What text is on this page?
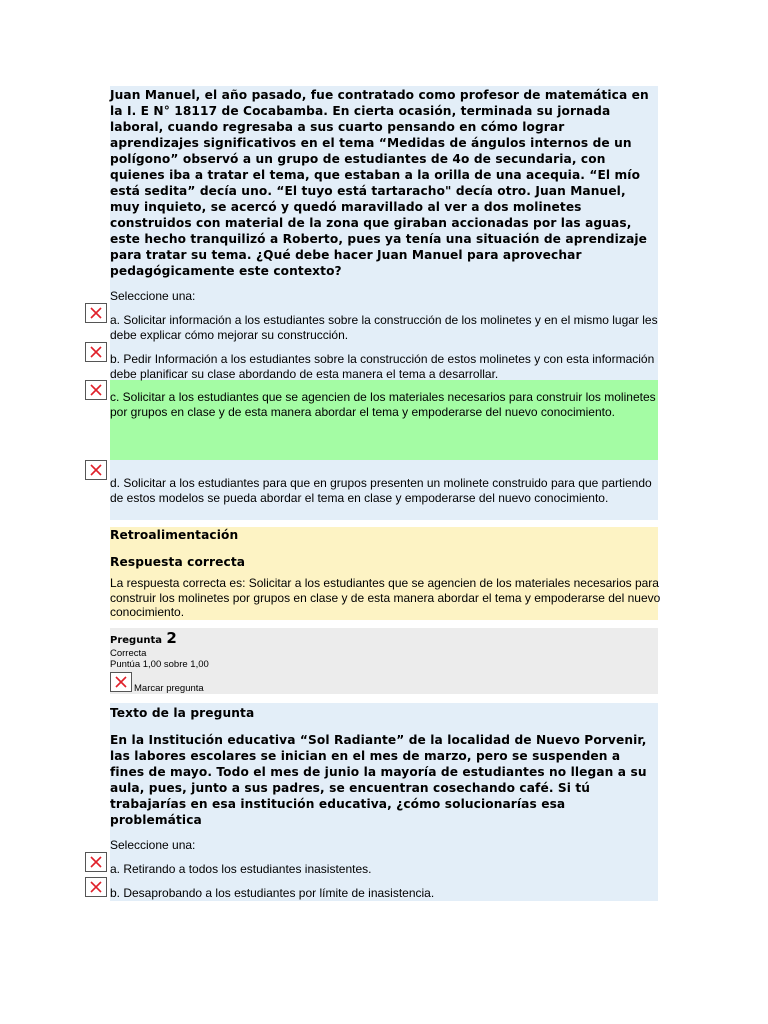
Juan Manuel, el año pasado, fue contratado como profesor de matemática en la I. E N° 18117 de Cocabamba. En cierta ocasión, terminada su jornada laboral, cuando regresaba a sus cuarto pensando en cómo lograr aprendizajes significativos en el tema “Medidas de ángulos internos de un polígono” observó a un grupo de estudiantes de 4o de secundaria, con quienes iba a tratar el tema, que estaban a la orilla de una acequia. “El mío está sedita” decía uno. “El tuyo está tartaracho" decía otro. Juan Manuel, muy inquieto, se acercó y quedó maravillado al ver a dos molinetes construidos con material de la zona que giraban accionadas por las aguas, este hecho tranquilizó a Roberto, pues ya tenía una situación de aprendizaje para tratar su tema. ¿Qué debe hacer Juan Manuel para aprovechar pedagógicamente este contexto?
Seleccione una:
a. Solicitar información a los estudiantes sobre la construcción de los molinetes y en el mismo lugar les debe explicar cómo mejorar su construcción.
b. Pedir Información a los estudiantes sobre la construcción de estos molinetes y con esta información debe planificar su clase abordando de esta manera el tema a desarrollar.
c. Solicitar a los estudiantes que se agencien de los materiales necesarios para construir los molinetes por grupos en clase y de esta manera abordar el tema y empoderarse del nuevo conocimiento.
d. Solicitar a los estudiantes para que en grupos presenten un molinete construido para que partiendo de estos modelos se pueda abordar el tema en clase y empoderarse del nuevo conocimiento.
Retroalimentación
Respuesta correcta
La respuesta correcta es: Solicitar a los estudiantes que se agencien de los materiales necesarios para construir los molinetes por grupos en clase y de esta manera abordar el tema y empoderarse del nuevo conocimiento.
Pregunta 2
Correcta
Puntúa 1,00 sobre 1,00
Marcar pregunta
Texto de la pregunta
En la Institución educativa “Sol Radiante” de la localidad de Nuevo Porvenir, las labores escolares se inician en el mes de marzo, pero se suspenden a fines de mayo. Todo el mes de junio la mayoría de estudiantes no llegan a su aula, pues, junto a sus padres, se encuentran cosechando café. Si tú trabajarías en esa institución educativa, ¿cómo solucionarías esa problemática
Seleccione una:
a. Retirando a todos los estudiantes inasistentes.
b. Desaprobando a los estudiantes por límite de inasistencia.
